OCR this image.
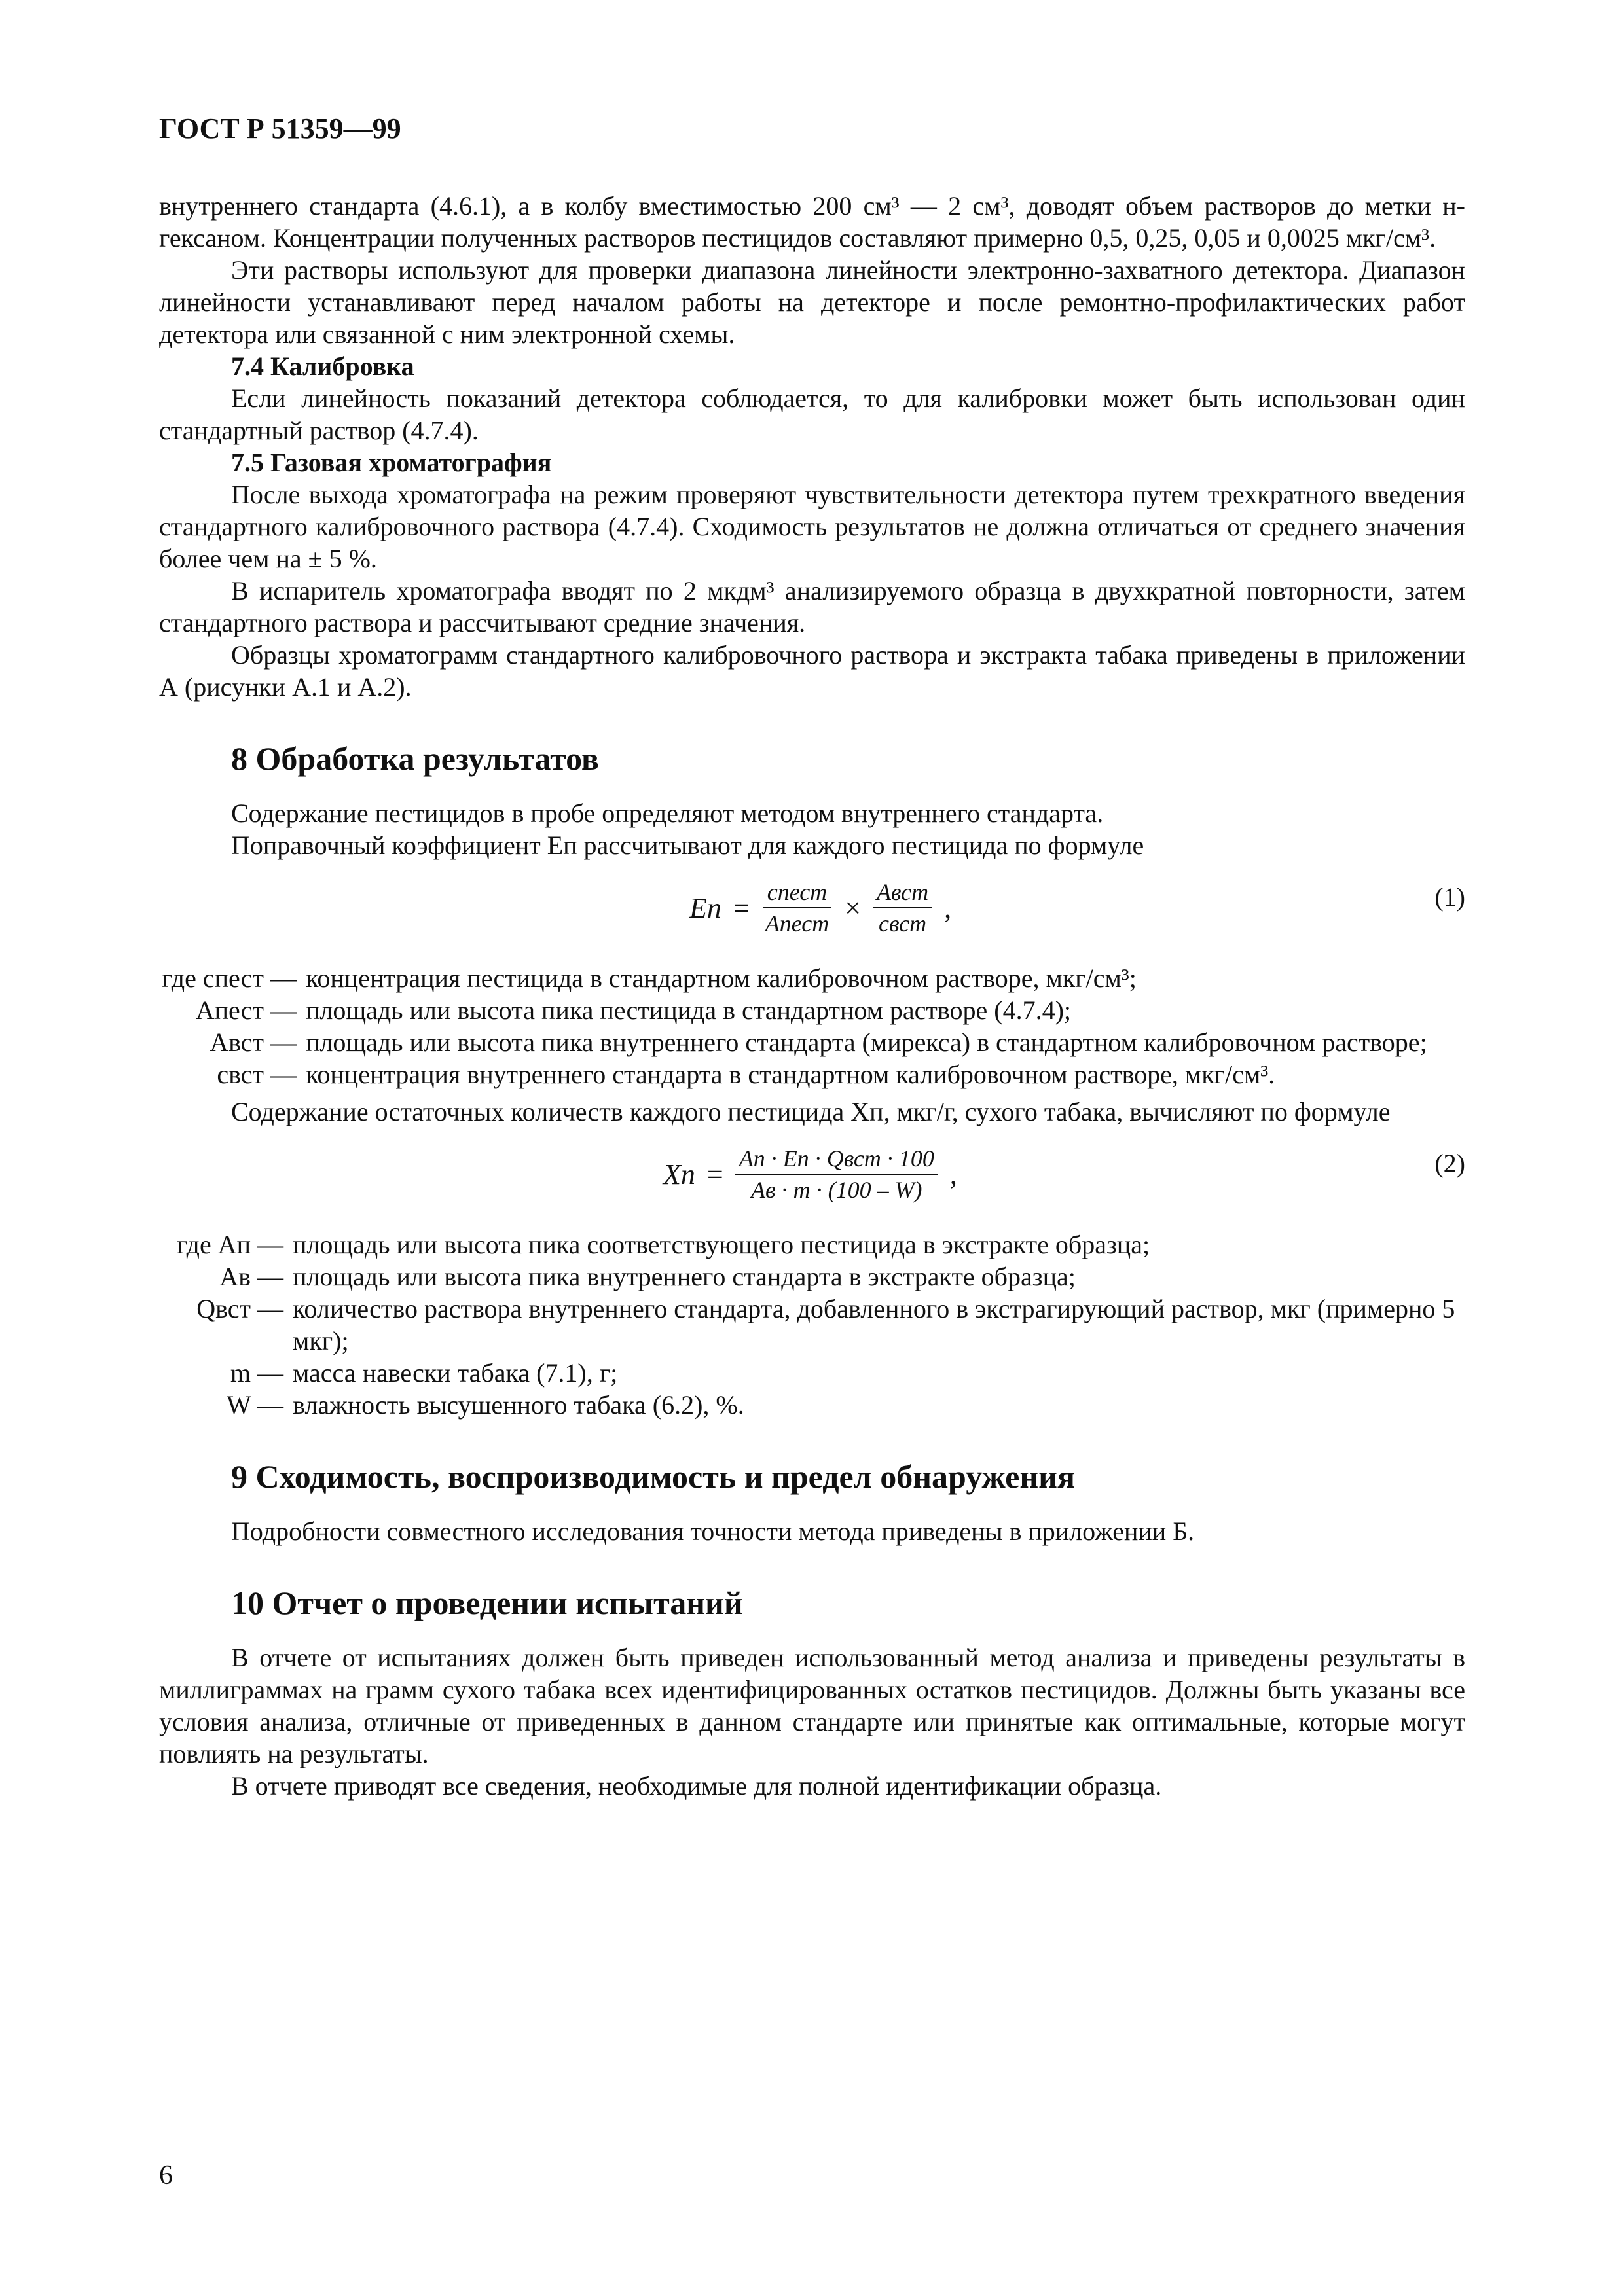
ГОСТ Р 51359—99

внутреннего стандарта (4.6.1), а в колбу вместимостью 200 см³ — 2 см³, доводят объем растворов до метки н-гексаном. Концентрации полученных растворов пестицидов составляют примерно 0,5, 0,25, 0,05 и 0,0025 мкг/см³.

Эти растворы используют для проверки диапазона линейности электронно-захватного детектора. Диапазон линейности устанавливают перед началом работы на детекторе и после ремонтно-профилактических работ детектора или связанной с ним электронной схемы.

7.4 Калибровка

Если линейность показаний детектора соблюдается, то для калибровки может быть использован один стандартный раствор (4.7.4).

7.5 Газовая хроматография

После выхода хроматографа на режим проверяют чувствительности детектора путем трехкратного введения стандартного калибровочного раствора (4.7.4). Сходимость результатов не должна отличаться от среднего значения более чем на ± 5 %.

В испаритель хроматографа вводят по 2 мкдм³ анализируемого образца в двухкратной повторности, затем стандартного раствора и рассчитывают средние значения.

Образцы хроматограмм стандартного калибровочного раствора и экстракта табака приведены в приложении А (рисунки А.1 и А.2).

8 Обработка результатов

Содержание пестицидов в пробе определяют методом внутреннего стандарта.

Поправочный коэффициент Eп рассчитывают для каждого пестицида по формуле

Eп = $\frac{\text{cпест}}{\text{Aпест}} \times \frac{\text{Aвст}}{\text{cвст}}$ ,	(1)
где cпест — концентрация пестицида в стандартном калибровочном растворе, мкг/см³;
Aпест — площадь или высота пика пестицида в стандартном растворе (4.7.4);
Aвст — площадь или высота пика внутреннего стандарта (мирекса) в стандартном калибровочном растворе;
cвст — концентрация внутреннего стандарта в стандартном калибровочном растворе, мкг/см³.

Содержание остаточных количеств каждого пестицида Xп, мкг/г, сухого табака, вычисляют по формуле

Xп = $\frac{\text{Aп · Eп · Qвст · 100}}{Aв \cdot m \cdot (100 - W)}$ ,	(2)
где Aп — площадь или высота пика соответствующего пестицида в экстракте образца;
Aв — площадь или высота пика внутреннего стандарта в экстракте образца;
Qвст — количество раствора внутреннего стандарта, добавленного в экстрагирующий раствор, мкг (примерно 5 мкг);
m — масса навески табака (7.1), г;
W — влажность высушенного табака (6.2), %.
9 Сходимость, воспроизводимость и предел обнаружения

Подробности совместного исследования точности метода приведены в приложении Б.

10 Отчет о проведении испытаний

В отчете от испытаниях должен быть приведен использованный метод анализа и приведены результаты в миллиграммах на грамм сухого табака всех идентифицированных остатков пестицидов. Должны быть указаны все условия анализа, отличные от приведенных в данном стандарте или принятые как оптимальные, которые могут повлиять на результаты.

В отчете приводят все сведения, необходимые для полной идентификации образца.

6
